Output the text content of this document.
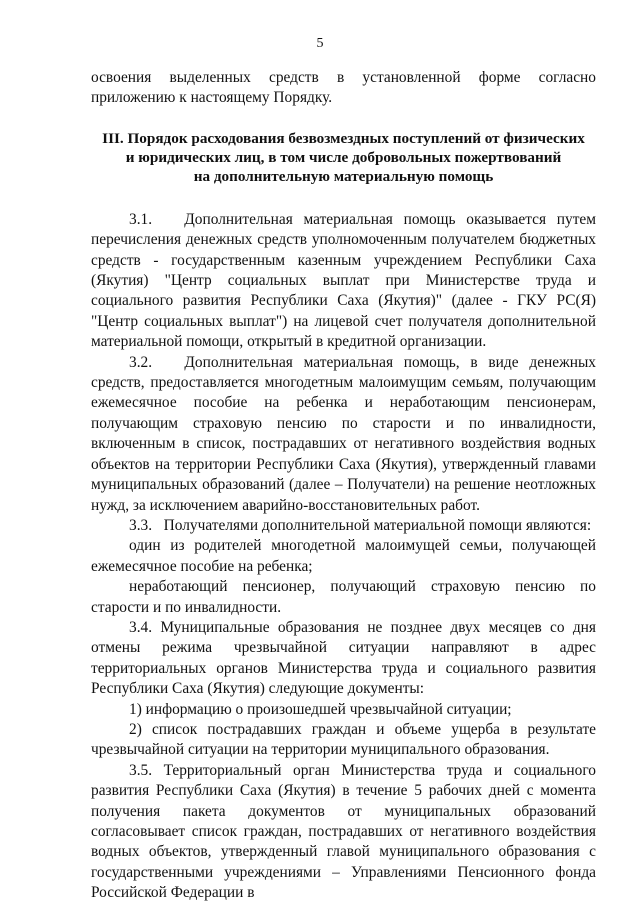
5

освоения выделенных средств в установленной форме согласно приложению к настоящему Порядку.

III. Порядок расходования безвозмездных поступлений от физических
и юридических лиц, в том числе добровольных пожертвований
на дополнительную материальную помощь

3.1.   Дополнительная материальная помощь оказывается путем перечисления денежных средств уполномоченным получателем бюджетных средств - государственным казенным учреждением Республики Саха (Якутия) "Центр социальных выплат при Министерстве труда и социального развития Республики Саха (Якутия)" (далее - ГКУ РС(Я) "Центр социальных выплат") на лицевой счет получателя дополнительной материальной помощи, открытый в кредитной организации.

3.2.   Дополнительная материальная помощь, в виде денежных средств, предоставляется многодетным малоимущим семьям, получающим ежемесячное пособие на ребенка и неработающим пенсионерам, получающим страховую пенсию по старости и по инвалидности, включенным в список, пострадавших от негативного воздействия водных объектов на территории Республики Саха (Якутия), утвержденный главами муниципальных образований (далее – Получатели) на решение неотложных нужд, за исключением аварийно-восстановительных работ.

3.3.   Получателями дополнительной материальной помощи являются:

один из родителей многодетной малоимущей семьи, получающей ежемесячное пособие на ребенка;

неработающий пенсионер, получающий страховую пенсию по старости и по инвалидности.

3.4. Муниципальные образования не позднее двух месяцев со дня отмены режима чрезвычайной ситуации направляют в адрес территориальных органов Министерства труда и социального развития Республики Саха (Якутия) следующие документы:

1) информацию о произошедшей чрезвычайной ситуации;

2) список пострадавших граждан и объеме ущерба в результате чрезвычайной ситуации на территории муниципального образования.

3.5. Территориальный орган Министерства труда и социального развития Республики Саха (Якутия) в течение 5 рабочих дней с момента получения пакета документов от муниципальных образований согласовывает список граждан, пострадавших от негативного воздействия водных объектов, утвержденный главой муниципального образования с государственными учреждениями – Управлениями Пенсионного фонда Российской Федерации в
